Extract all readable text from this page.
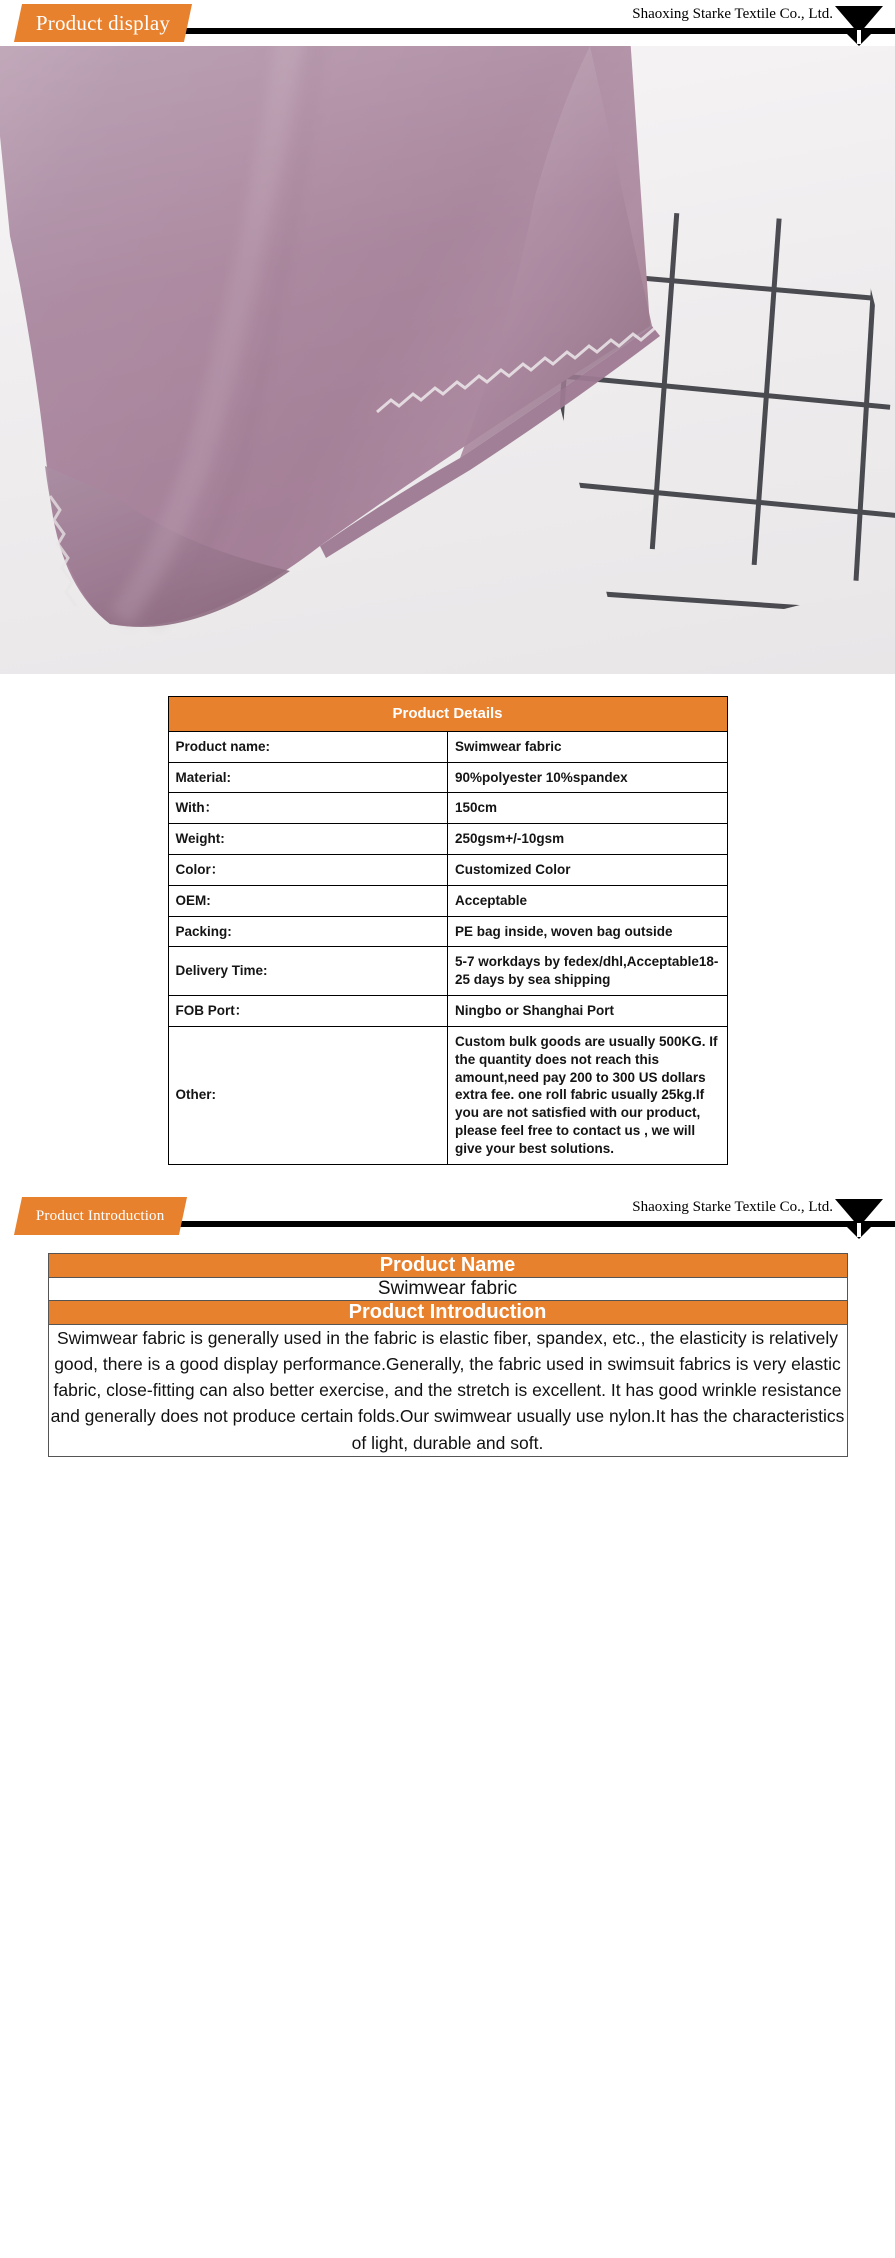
Product display	Shaoxing Starke Textile Co., Ltd.
Product Details	
Product name:	Swimwear fabric
Material:	90%polyester 10%spandex
With：	150cm
Weight:	250gsm+/-10gsm
Color：	Customized Color
OEM:	Acceptable
Packing:	PE bag inside, woven bag outside
Delivery Time:	5-7 workdays by fedex/dhl,Acceptable18-25 days by sea shipping
FOB Port：	Ningbo or Shanghai Port
Other:	Custom bulk goods are usually 500KG. If the quantity does not reach this amount,need pay 200 to 300 US dollars extra fee. one roll fabric usually 25kg.If you are not satisfied with our product, please feel free to contact us , we will give your best solutions.
Product Introduction
Shaoxing Starke Textile Co., Ltd.
Product Name
Swimwear fabric
Product Introduction
Swimwear fabric is generally used in the fabric is elastic fiber, spandex, etc., the elasticity is relatively good, there is a good display performance.Generally, the fabric used in swimsuit fabrics is very elastic fabric, close-fitting can also better exercise, and the stretch is excellent. It has good wrinkle resistance and generally does not produce certain folds.Our swimwear usually use nylon.It has the characteristics of light, durable and soft.
